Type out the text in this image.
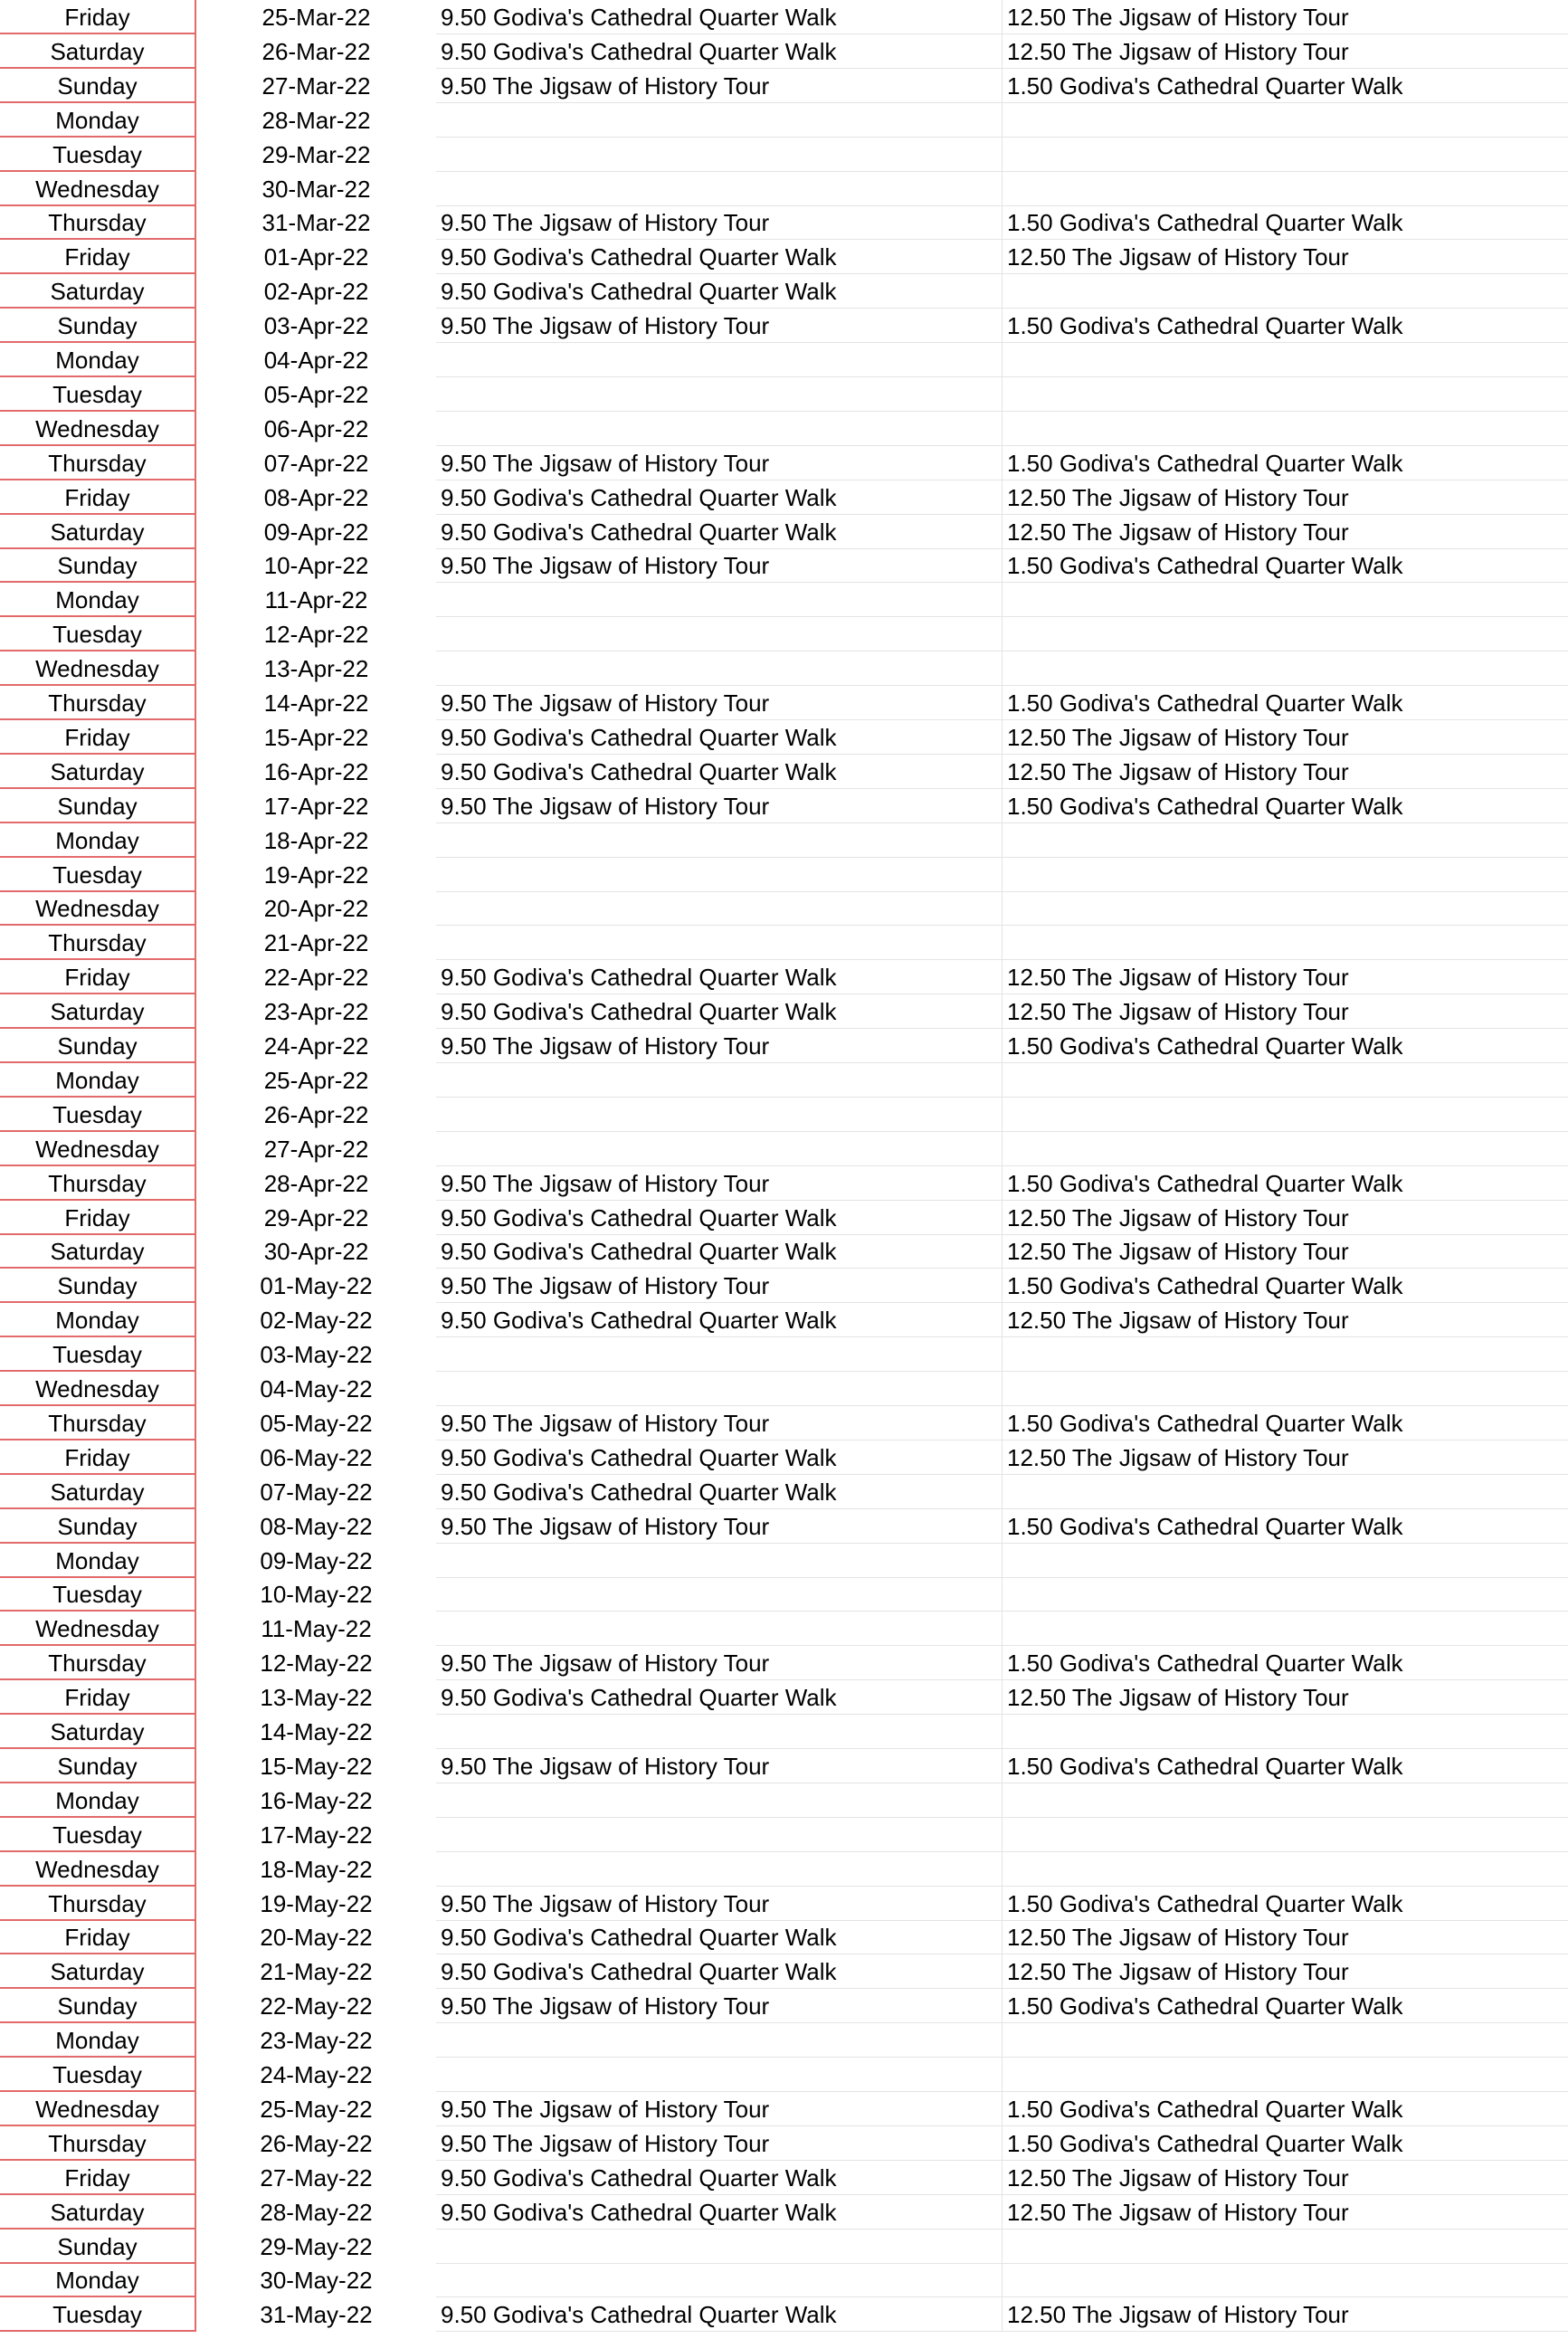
Friday	25-Mar-22	9.50 Godiva's Cathedral Quarter Walk	12.50 The Jigsaw of History Tour
Saturday	26-Mar-22	9.50 Godiva's Cathedral Quarter Walk	12.50 The Jigsaw of History Tour
Sunday	27-Mar-22	9.50 The Jigsaw of History Tour	1.50 Godiva's Cathedral Quarter Walk
Monday	28-Mar-22
Tuesday	29-Mar-22
Wednesday	30-Mar-22
Thursday	31-Mar-22	9.50 The Jigsaw of History Tour	1.50 Godiva's Cathedral Quarter Walk
Friday	01-Apr-22	9.50 Godiva's Cathedral Quarter Walk	12.50 The Jigsaw of History Tour
Saturday	02-Apr-22	9.50 Godiva's Cathedral Quarter Walk
Sunday	03-Apr-22	9.50 The Jigsaw of History Tour	1.50 Godiva's Cathedral Quarter Walk
Monday	04-Apr-22
Tuesday	05-Apr-22
Wednesday	06-Apr-22
Thursday	07-Apr-22	9.50 The Jigsaw of History Tour	1.50 Godiva's Cathedral Quarter Walk
Friday	08-Apr-22	9.50 Godiva's Cathedral Quarter Walk	12.50 The Jigsaw of History Tour
Saturday	09-Apr-22	9.50 Godiva's Cathedral Quarter Walk	12.50 The Jigsaw of History Tour
Sunday	10-Apr-22	9.50 The Jigsaw of History Tour	1.50 Godiva's Cathedral Quarter Walk
Monday	11-Apr-22
Tuesday	12-Apr-22
Wednesday	13-Apr-22
Thursday	14-Apr-22	9.50 The Jigsaw of History Tour	1.50 Godiva's Cathedral Quarter Walk
Friday	15-Apr-22	9.50 Godiva's Cathedral Quarter Walk	12.50 The Jigsaw of History Tour
Saturday	16-Apr-22	9.50 Godiva's Cathedral Quarter Walk	12.50 The Jigsaw of History Tour
Sunday	17-Apr-22	9.50 The Jigsaw of History Tour	1.50 Godiva's Cathedral Quarter Walk
Monday	18-Apr-22
Tuesday	19-Apr-22
Wednesday	20-Apr-22
Thursday	21-Apr-22
Friday	22-Apr-22	9.50 Godiva's Cathedral Quarter Walk	12.50 The Jigsaw of History Tour
Saturday	23-Apr-22	9.50 Godiva's Cathedral Quarter Walk	12.50 The Jigsaw of History Tour
Sunday	24-Apr-22	9.50 The Jigsaw of History Tour	1.50 Godiva's Cathedral Quarter Walk
Monday	25-Apr-22
Tuesday	26-Apr-22
Wednesday	27-Apr-22
Thursday	28-Apr-22	9.50 The Jigsaw of History Tour	1.50 Godiva's Cathedral Quarter Walk
Friday	29-Apr-22	9.50 Godiva's Cathedral Quarter Walk	12.50 The Jigsaw of History Tour
Saturday	30-Apr-22	9.50 Godiva's Cathedral Quarter Walk	12.50 The Jigsaw of History Tour
Sunday	01-May-22	9.50 The Jigsaw of History Tour	1.50 Godiva's Cathedral Quarter Walk
Monday	02-May-22	9.50 Godiva's Cathedral Quarter Walk	12.50 The Jigsaw of History Tour
Tuesday	03-May-22
Wednesday	04-May-22
Thursday	05-May-22	9.50 The Jigsaw of History Tour	1.50 Godiva's Cathedral Quarter Walk
Friday	06-May-22	9.50 Godiva's Cathedral Quarter Walk	12.50 The Jigsaw of History Tour
Saturday	07-May-22	9.50 Godiva's Cathedral Quarter Walk
Sunday	08-May-22	9.50 The Jigsaw of History Tour	1.50 Godiva's Cathedral Quarter Walk
Monday	09-May-22
Tuesday	10-May-22
Wednesday	11-May-22
Thursday	12-May-22	9.50 The Jigsaw of History Tour	1.50 Godiva's Cathedral Quarter Walk
Friday	13-May-22	9.50 Godiva's Cathedral Quarter Walk	12.50 The Jigsaw of History Tour
Saturday	14-May-22
Sunday	15-May-22	9.50 The Jigsaw of History Tour	1.50 Godiva's Cathedral Quarter Walk
Monday	16-May-22
Tuesday	17-May-22
Wednesday	18-May-22
Thursday	19-May-22	9.50 The Jigsaw of History Tour	1.50 Godiva's Cathedral Quarter Walk
Friday	20-May-22	9.50 Godiva's Cathedral Quarter Walk	12.50 The Jigsaw of History Tour
Saturday	21-May-22	9.50 Godiva's Cathedral Quarter Walk	12.50 The Jigsaw of History Tour
Sunday	22-May-22	9.50 The Jigsaw of History Tour	1.50 Godiva's Cathedral Quarter Walk
Monday	23-May-22
Tuesday	24-May-22
Wednesday	25-May-22	9.50 The Jigsaw of History Tour	1.50 Godiva's Cathedral Quarter Walk
Thursday	26-May-22	9.50 The Jigsaw of History Tour	1.50 Godiva's Cathedral Quarter Walk
Friday	27-May-22	9.50 Godiva's Cathedral Quarter Walk	12.50 The Jigsaw of History Tour
Saturday	28-May-22	9.50 Godiva's Cathedral Quarter Walk	12.50 The Jigsaw of History Tour
Sunday	29-May-22
Monday	30-May-22
Tuesday	31-May-22	9.50 Godiva's Cathedral Quarter Walk	12.50 The Jigsaw of History Tour
